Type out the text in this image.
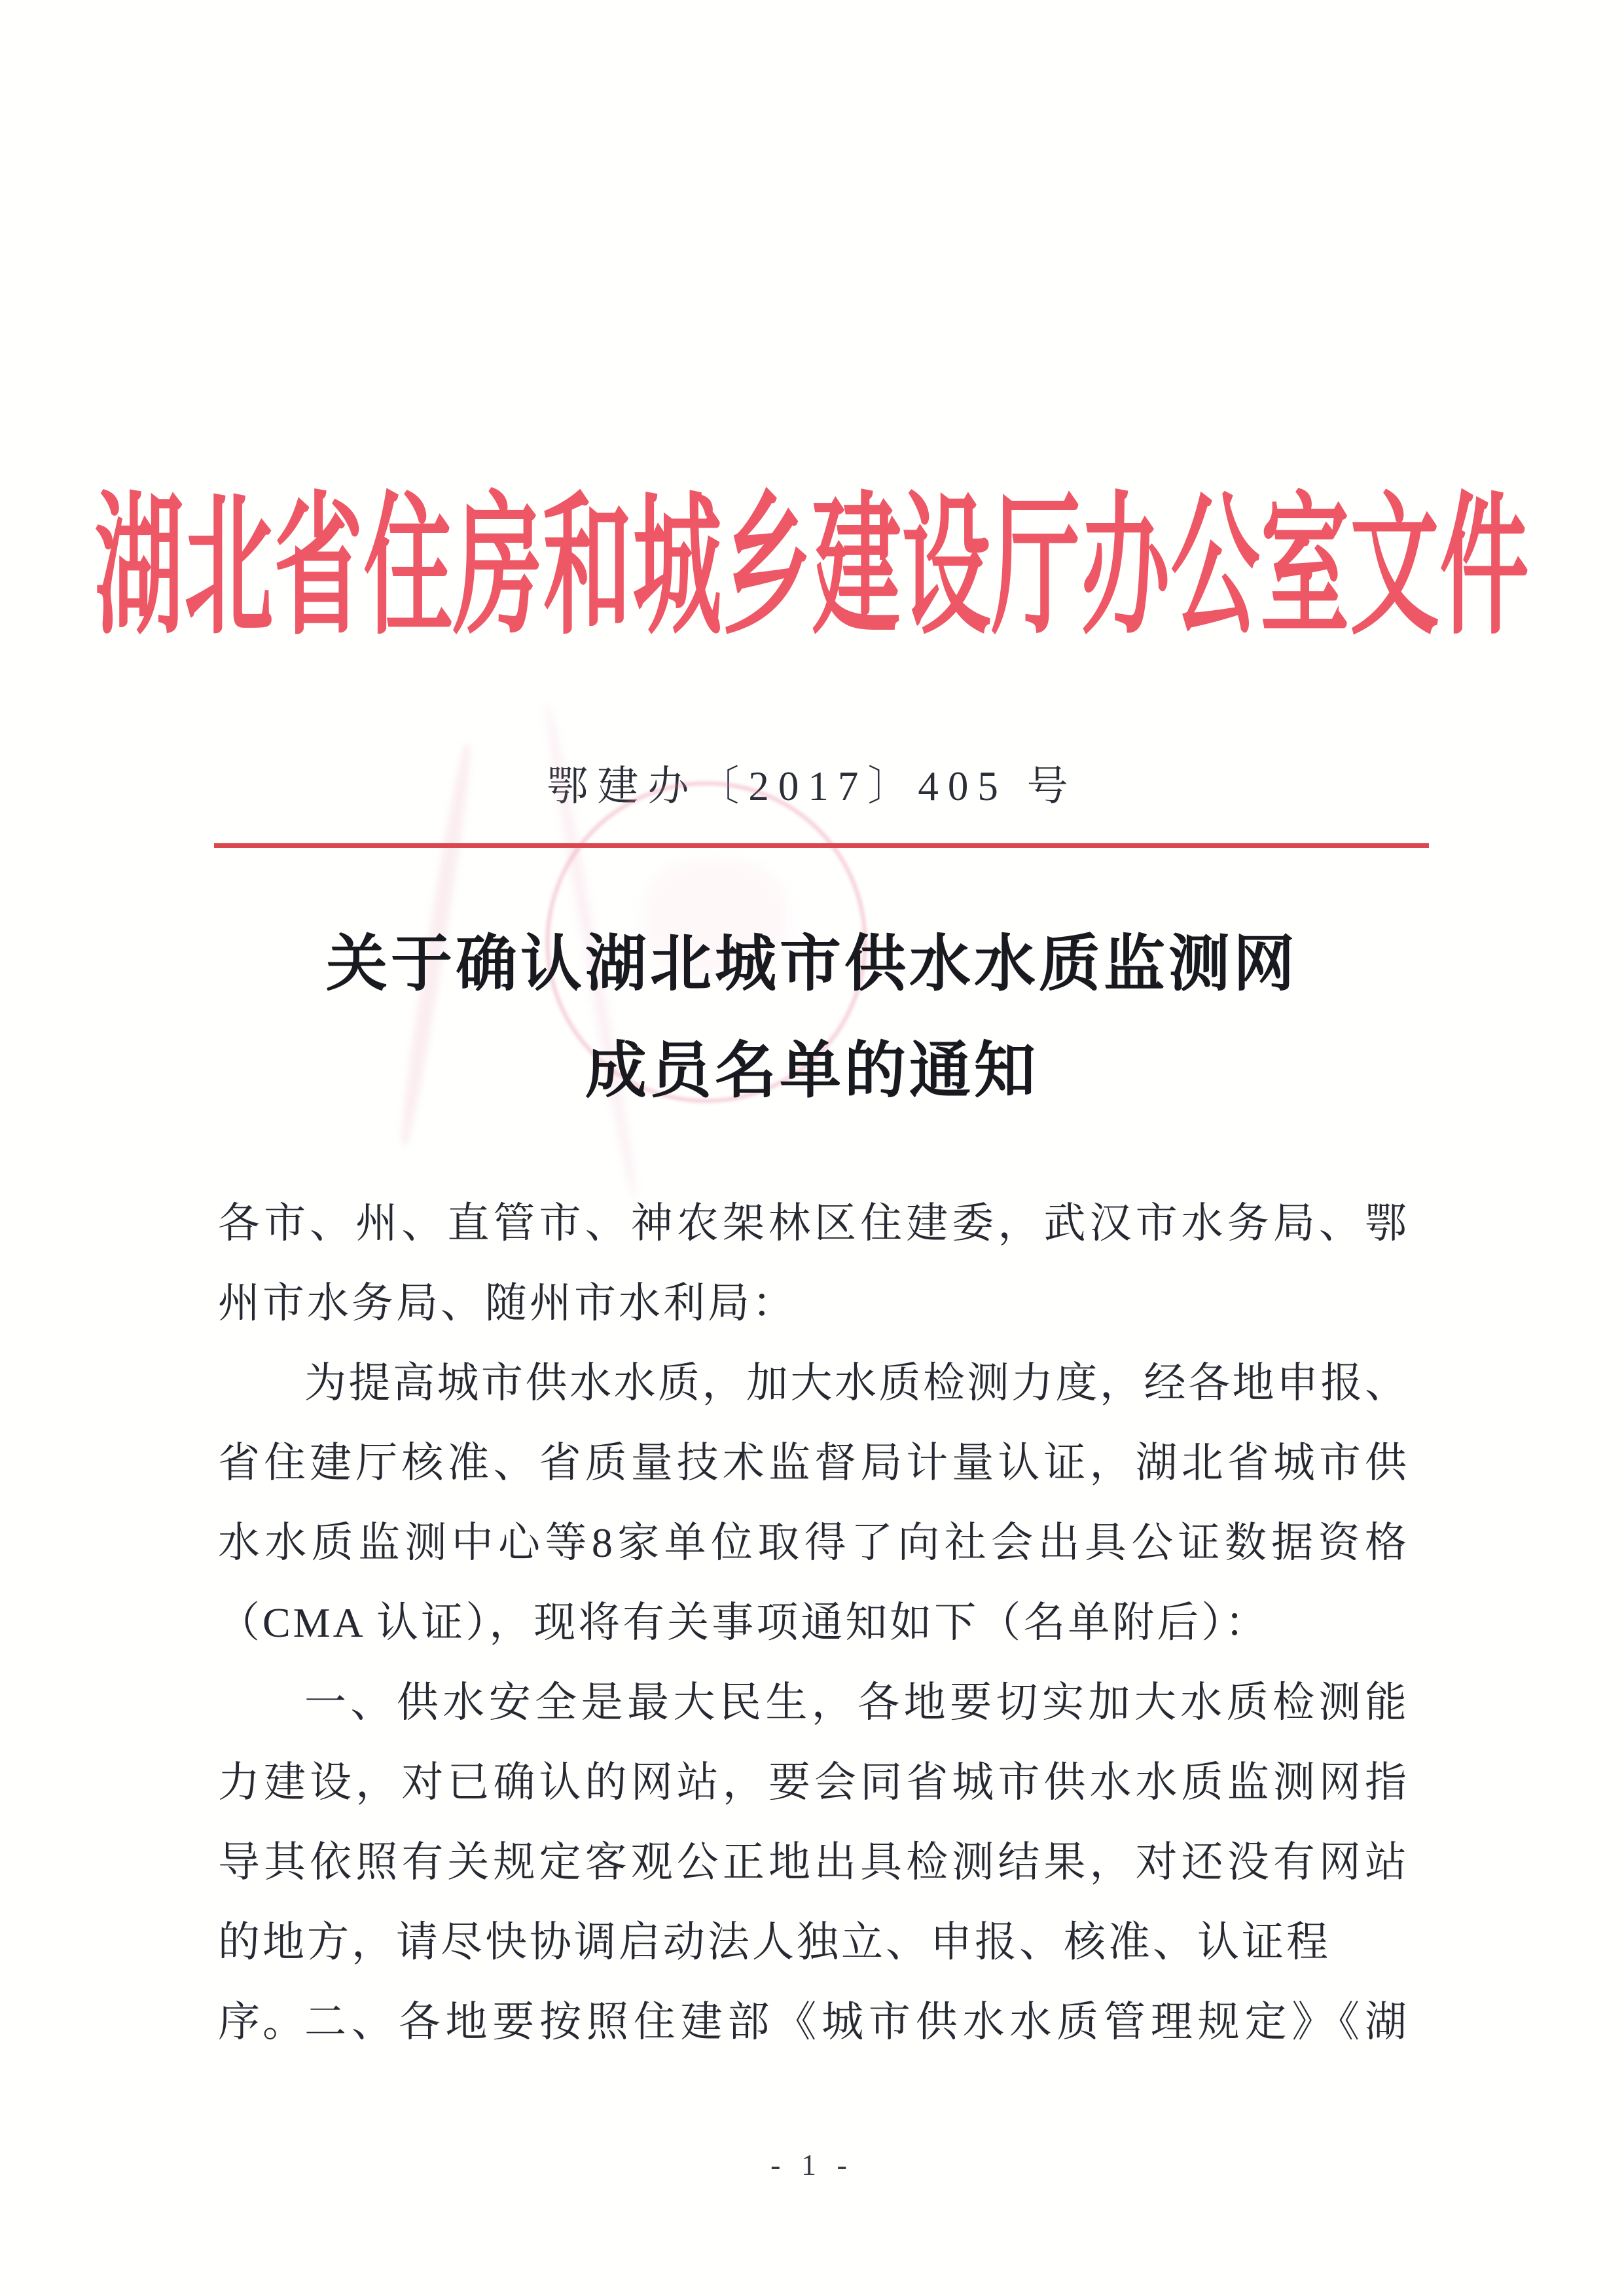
湖北省住房和城乡建设厅办公室文件
鄂建办〔2017〕405 号
关于确认湖北城市供水水质监测网
成员名单的通知
各市、州、直管市、神农架林区住建委，武汉市水务局、鄂
州市水务局、随州市水利局：
为提高城市供水水质，加大水质检测力度，经各地申报、
省住建厅核准、省质量技术监督局计量认证，湖北省城市供
水水质监测中心等8家单位取得了向社会出具公证数据资格
（CMA 认证），现将有关事项通知如下（名单附后）：
一、供水安全是最大民生，各地要切实加大水质检测能
力建设，对已确认的网站，要会同省城市供水水质监测网指
导其依照有关规定客观公正地出具检测结果，对还没有网站
的地方，请尽快协调启动法人独立、申报、核准、认证程序。
二、各地要按照住建部《城市供水水质管理规定》《湖
- 1 -
